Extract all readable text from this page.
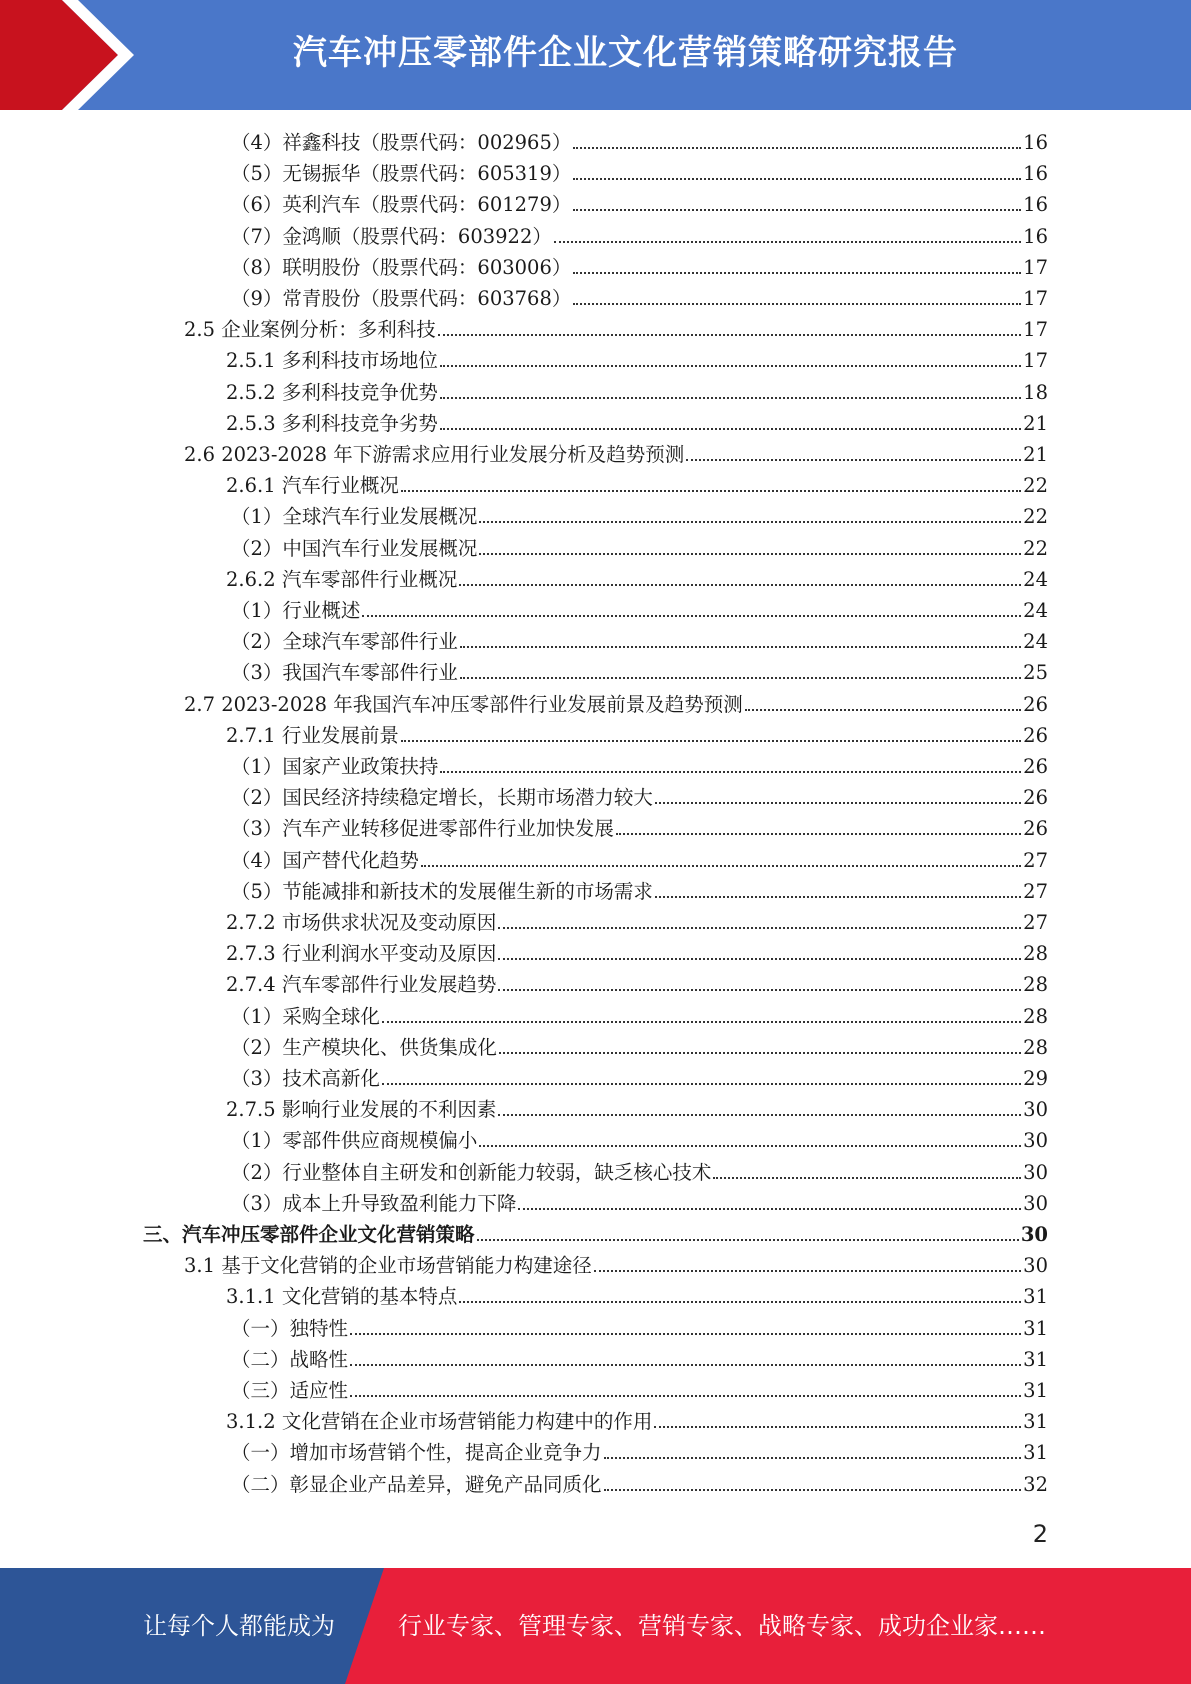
汽车冲压零部件企业文化营销策略研究报告
（4）祥鑫科技（股票代码：002965）	16
（5）无锡振华（股票代码：605319）	16
（6）英利汽车（股票代码：601279）	16
（7）金鸿顺（股票代码：603922）	16
（8）联明股份（股票代码：603006）	17
（9）常青股份（股票代码：603768）	17
2.5 企业案例分析：多利科技	17
2.5.1 多利科技市场地位	17
2.5.2 多利科技竞争优势	18
2.5.3 多利科技竞争劣势	21
2.6 2023-2028 年下游需求应用行业发展分析及趋势预测	21
2.6.1 汽车行业概况	22
（1）全球汽车行业发展概况	22
（2）中国汽车行业发展概况	22
2.6.2 汽车零部件行业概况	24
（1）行业概述	24
（2）全球汽车零部件行业	24
（3）我国汽车零部件行业	25
2.7 2023-2028 年我国汽车冲压零部件行业发展前景及趋势预测	26
2.7.1 行业发展前景	26
（1）国家产业政策扶持	26
（2）国民经济持续稳定增长，长期市场潜力较大	26
（3）汽车产业转移促进零部件行业加快发展	26
（4）国产替代化趋势	27
（5）节能减排和新技术的发展催生新的市场需求	27
2.7.2 市场供求状况及变动原因	27
2.7.3 行业利润水平变动及原因	28
2.7.4 汽车零部件行业发展趋势	28
（1）采购全球化	28
（2）生产模块化、供货集成化	28
（3）技术高新化	29
2.7.5 影响行业发展的不利因素	30
（1）零部件供应商规模偏小	30
（2）行业整体自主研发和创新能力较弱，缺乏核心技术	30
（3）成本上升导致盈利能力下降	30
三、汽车冲压零部件企业文化营销策略	30
3.1 基于文化营销的企业市场营销能力构建途径	30
3.1.1 文化营销的基本特点	31
（一）独特性	31
（二）战略性	31
（三）适应性	31
3.1.2 文化营销在企业市场营销能力构建中的作用	31
（一）增加市场营销个性，提高企业竞争力	31
（二）彰显企业产品差异，避免产品同质化	32
2
让每个人都能成为	行业专家、管理专家、营销专家、战略专家、成功企业家……
